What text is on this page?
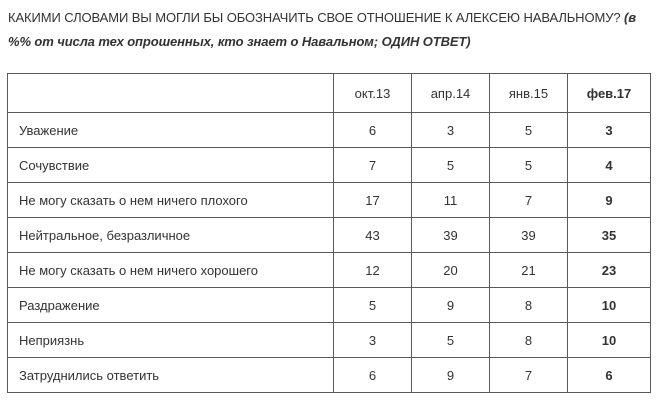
КАКИМИ СЛОВАМИ ВЫ МОГЛИ БЫ ОБОЗНАЧИТЬ СВОЕ ОТНОШЕНИЕ К АЛЕКСЕЮ НАВАЛЬНОМУ? (в %% от числа тех опрошенных, кто знает о Навальном; ОДИН ОТВЕТ)
	окт.13	апр.14	янв.15	фев.17
Уважение	6	3	5	3
Сочувствие	7	5	5	4
Не могу сказать о нем ничего плохого	17	11	7	9
Нейтральное, безразличное	43	39	39	35
Не могу сказать о нем ничего хорошего	12	20	21	23
Раздражение	5	9	8	10
Неприязнь	3	5	8	10
Затруднились ответить	6	9	7	6
